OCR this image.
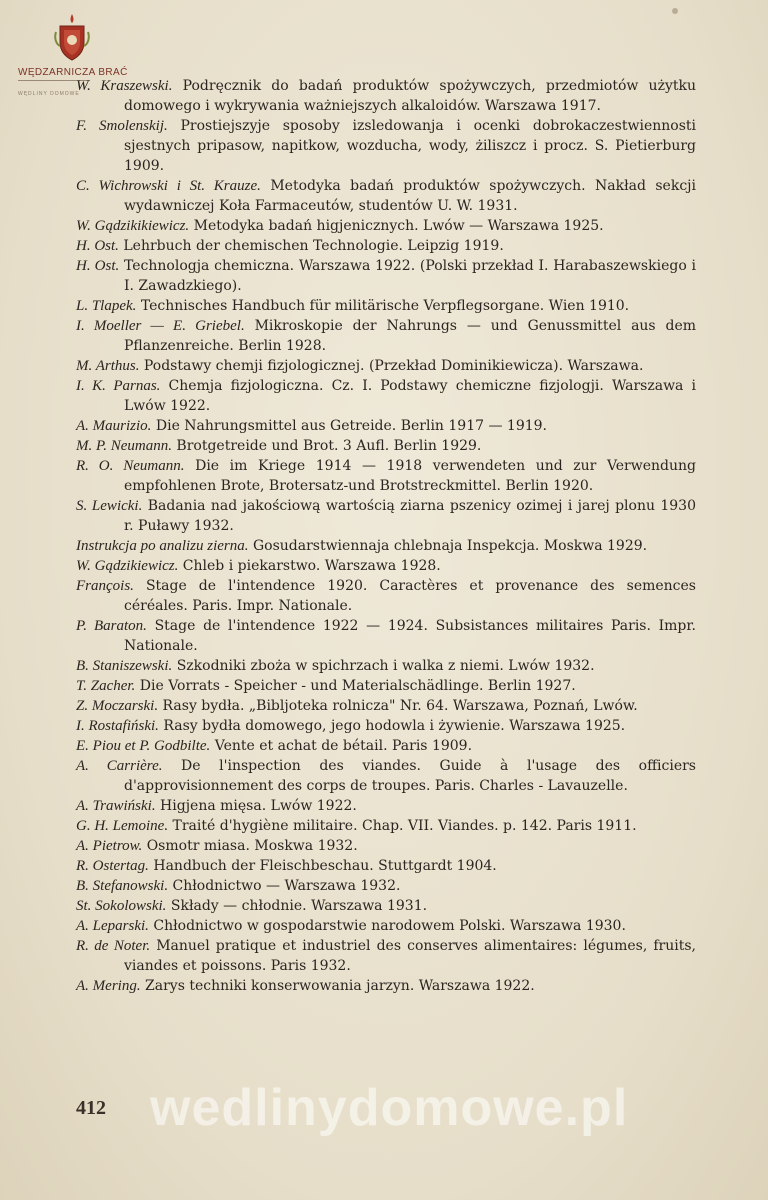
WĘDZARNICZA BRAĆ
WĘDLINY DOMOWE

W. Kraszewski. Podręcznik do badań produktów spożywczych, przedmiotów użytku domowego i wykrywania ważniejszych alkaloidów. Warszawa 1917.

F. Smolenskij. Prostiejszyje sposoby izsledowanja i ocenki dobrokaczestwiennosti sjestnych pripasow, napitkow, wozducha, wody, żiliszcz i procz. S. Pietierburg 1909.

C. Wichrowski i St. Krauze. Metodyka badań produktów spożywczych. Nakład sekcji wydawniczej Koła Farmaceutów, studentów U. W. 1931.

W. Gądzikikiewicz. Metodyka badań higjenicznych. Lwów — Warszawa 1925.

H. Ost. Lehrbuch der chemischen Technologie. Leipzig 1919.

H. Ost. Technologja chemiczna. Warszawa 1922. (Polski przekład I. Harabaszewskiego i I. Zawadzkiego).

L. Tlapek. Technisches Handbuch für militärische Verpflegsorgane. Wien 1910.

I. Moeller — E. Griebel. Mikroskopie der Nahrungs — und Genussmittel aus dem Pflanzenreiche. Berlin 1928.

M. Arthus. Podstawy chemji fizjologicznej. (Przekład Dominikiewicza). Warszawa.

I. K. Parnas. Chemja fizjologiczna. Cz. I. Podstawy chemiczne fizjologji. Warszawa i Lwów 1922.

A. Maurizio. Die Nahrungsmittel aus Getreide. Berlin 1917 — 1919.

M. P. Neumann. Brotgetreide und Brot. 3 Aufl. Berlin 1929.

R. O. Neumann. Die im Kriege 1914 — 1918 verwendeten und zur Verwendung empfohlenen Brote, Brotersatz-und Brotstreckmittel. Berlin 1920.

S. Lewicki. Badania nad jakościową wartością ziarna pszenicy ozimej i jarej plonu 1930 r. Puławy 1932.

Instrukcja po analizu zierna. Gosudarstwiennaja chlebnaja Inspekcja. Moskwa 1929.

W. Gądzikiewicz. Chleb i piekarstwo. Warszawa 1928.

François. Stage de l'intendence 1920. Caractères et provenance des semences céréales. Paris. Impr. Nationale.

P. Baraton. Stage de l'intendence 1922 — 1924. Subsistances militaires Paris. Impr. Nationale.

B. Staniszewski. Szkodniki zboża w spichrzach i walka z niemi. Lwów 1932.

T. Zacher. Die Vorrats - Speicher - und Materialschädlinge. Berlin 1927.

Z. Moczarski. Rasy bydła. „Bibljoteka rolnicza" Nr. 64. Warszawa, Poznań, Lwów.

I. Rostafiński. Rasy bydła domowego, jego hodowla i żywienie. Warszawa 1925.

E. Piou et P. Godbilte. Vente et achat de bétail. Paris 1909.

A. Carrière. De l'inspection des viandes. Guide à l'usage des officiers d'approvisionnement des corps de troupes. Paris. Charles - Lavauzelle.

A. Trawiński. Higjena mięsa. Lwów 1922.

G. H. Lemoine. Traité d'hygiène militaire. Chap. VII. Viandes. p. 142. Paris 1911.

A. Pietrow. Osmotr miasa. Moskwa 1932.

R. Ostertag. Handbuch der Fleischbeschau. Stuttgardt 1904.

B. Stefanowski. Chłodnictwo — Warszawa 1932.

St. Sokolowski. Składy — chłodnie. Warszawa 1931.

A. Leparski. Chłodnictwo w gospodarstwie narodowem Polski. Warszawa 1930.

R. de Noter. Manuel pratique et industriel des conserves alimentaires: légumes, fruits, viandes et poissons. Paris 1932.

A. Mering. Zarys techniki konserwowania jarzyn. Warszawa 1922.

wedlinydomowe.pl
412
